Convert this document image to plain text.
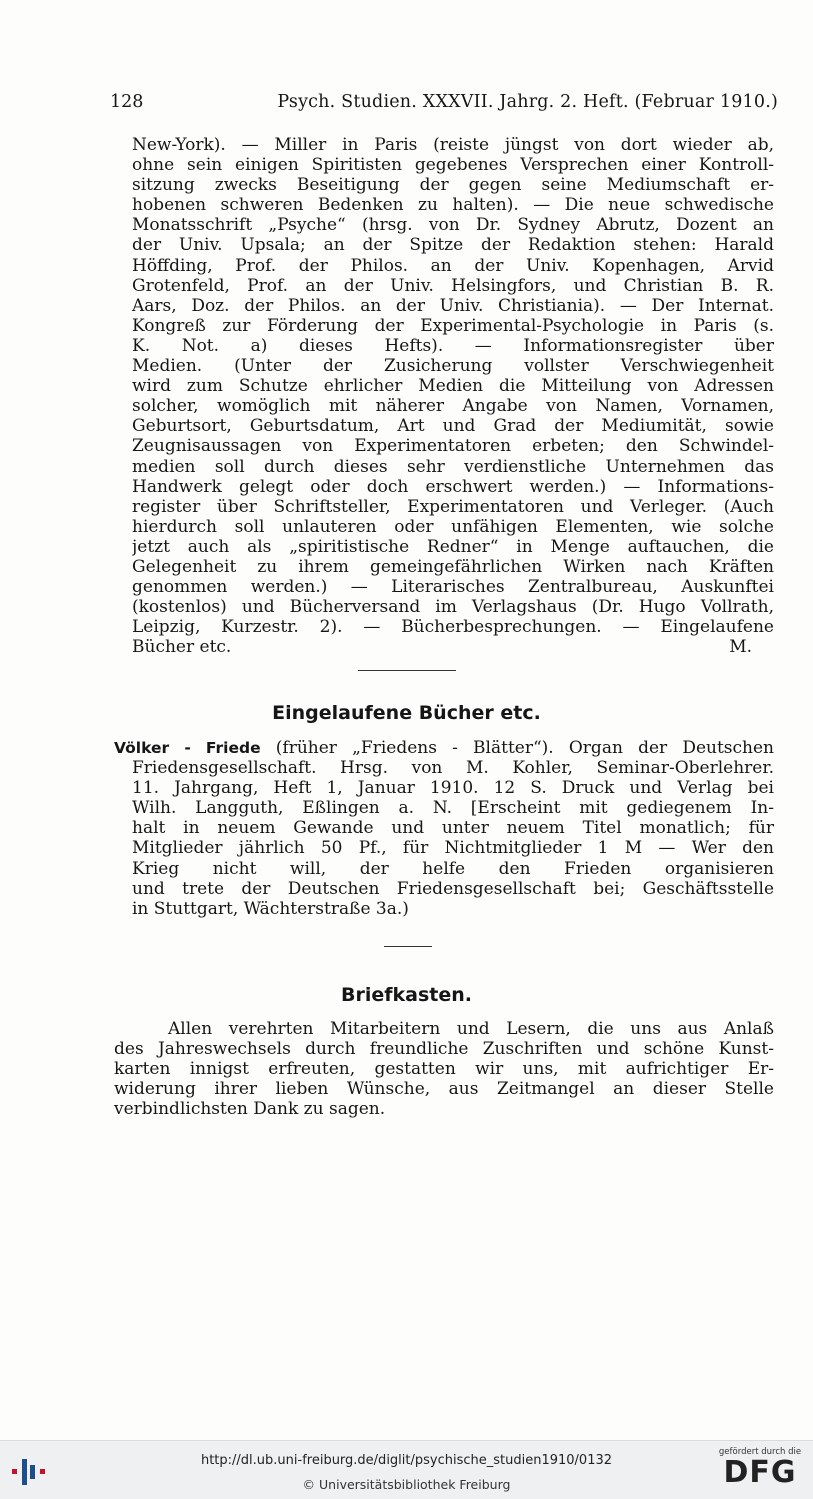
128	Psych. Studien. XXXVII. Jahrg. 2. Heft. (Februar 1910.)
New-York). — Miller in Paris (reiste jüngst von dort wieder ab,
ohne sein einigen Spiritisten gegebenes Versprechen einer Kontroll-
sitzung zwecks Beseitigung der gegen seine Mediumschaft er-
hobenen schweren Bedenken zu halten). — Die neue schwedische
Monatsschrift „Psyche“ (hrsg. von Dr. Sydney Abrutz, Dozent an
der Univ. Upsala; an der Spitze der Redaktion stehen: Harald
Höffding, Prof. der Philos. an der Univ. Kopenhagen, Arvid
Grotenfeld, Prof. an der Univ. Helsingfors, und Christian B. R.
Aars, Doz. der Philos. an der Univ. Christiania). — Der Internat.
Kongreß zur Förderung der Experimental-Psychologie in Paris (s.
K. Not. a) dieses Hefts). — Informationsregister über
Medien. (Unter der Zusicherung vollster Verschwiegenheit
wird zum Schutze ehrlicher Medien die Mitteilung von Adressen
solcher, womöglich mit näherer Angabe von Namen, Vornamen,
Geburtsort, Geburtsdatum, Art und Grad der Mediumität, sowie
Zeugnisaussagen von Experimentatoren erbeten; den Schwindel-
medien soll durch dieses sehr verdienstliche Unternehmen das
Handwerk gelegt oder doch erschwert werden.) — Informations-
register über Schriftsteller, Experimentatoren und Verleger. (Auch
hierdurch soll unlauteren oder unfähigen Elementen, wie solche
jetzt auch als „spiritistische Redner“ in Menge auftauchen, die
Gelegenheit zu ihrem gemeingefährlichen Wirken nach Kräften
genommen werden.) — Literarisches Zentralbureau, Auskunftei
(kostenlos) und Bücherversand im Verlagshaus (Dr. Hugo Vollrath,
Leipzig, Kurzestr. 2). — Bücherbesprechungen. — Eingelaufene
Bücher etc.	M.
Eingelaufene Bücher etc.
Völker - Friede (früher „Friedens - Blätter“). Organ der Deutschen
Friedensgesellschaft. Hrsg. von M. Kohler, Seminar-Oberlehrer.
11. Jahrgang, Heft 1, Januar 1910. 12 S. Druck und Verlag bei
Wilh. Langguth, Eßlingen a. N. [Erscheint mit gediegenem In-
halt in neuem Gewande und unter neuem Titel monatlich; für
Mitglieder jährlich 50 Pf., für Nichtmitglieder 1 M — Wer den
Krieg nicht will, der helfe den Frieden organisieren
und trete der Deutschen Friedensgesellschaft bei; Geschäftsstelle
in Stuttgart, Wächterstraße 3a.)
Briefkasten.
Allen verehrten Mitarbeitern und Lesern, die uns aus Anlaß
des Jahreswechsels durch freundliche Zuschriften und schöne Kunst-
karten innigst erfreuten, gestatten wir uns, mit aufrichtiger Er-
widerung ihrer lieben Wünsche, aus Zeitmangel an dieser Stelle
verbindlichsten Dank zu sagen.
http://dl.ub.uni-freiburg.de/diglit/psychische_studien1910/0132
© Universitätsbibliothek Freiburg
gefördert durch die
DFG
